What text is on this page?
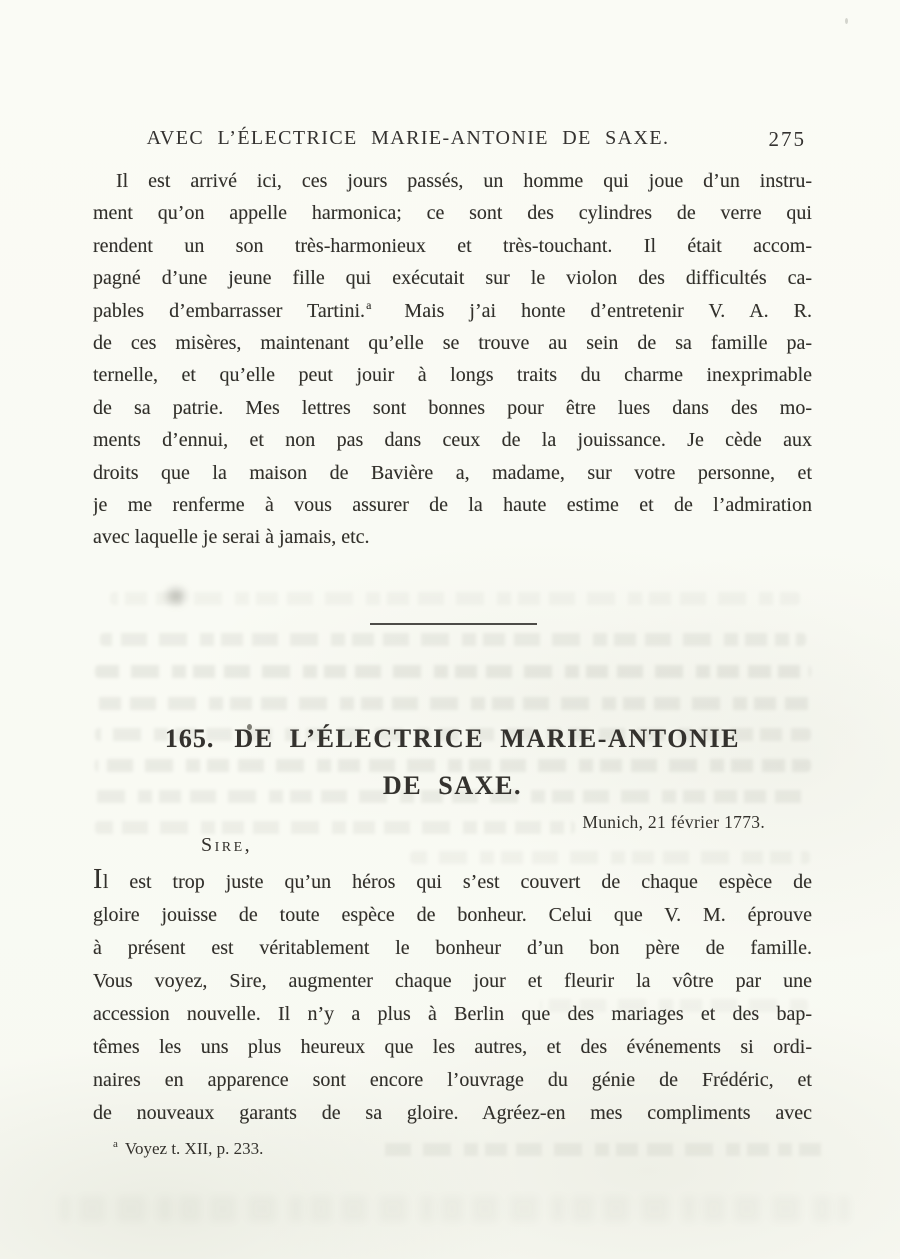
AVEC L’ÉLECTRICE MARIE-ANTONIE DE SAXE.	275
Il est arrivé ici, ces jours passés, un homme qui joue d’un instru-
ment qu’on appelle harmonica; ce sont des cylindres de verre qui
rendent un son très-harmonieux et très-touchant. Il était accom-
pagné d’une jeune fille qui exécutait sur le violon des difficultés ca-
pables d’embarrasser Tartini.$^a$ Mais j’ai honte d’entretenir V. A. R.
de ces misères, maintenant qu’elle se trouve au sein de sa famille pa-
ternelle, et qu’elle peut jouir à longs traits du charme inexprimable
de sa patrie. Mes lettres sont bonnes pour être lues dans des mo-
ments d’ennui, et non pas dans ceux de la jouissance. Je cède aux
droits que la maison de Bavière a, madame, sur votre personne, et
je me renferme à vous assurer de la haute estime et de l’admiration
avec laquelle je serai à jamais, etc.
165. DE L’ÉLECTRICE MARIE-ANTONIE
DE SAXE.
Munich, 21 février 1773.
Sire,
Il est trop juste qu’un héros qui s’est couvert de chaque espèce de
gloire jouisse de toute espèce de bonheur. Celui que V. M. éprouve
à présent est véritablement le bonheur d’un bon père de famille.
Vous voyez, Sire, augmenter chaque jour et fleurir la vôtre par une
accession nouvelle. Il n’y a plus à Berlin que des mariages et des bap-
têmes les uns plus heureux que les autres, et des événements si ordi-
naires en apparence sont encore l’ouvrage du génie de Frédéric, et
de nouveaux garants de sa gloire. Agréez-en mes compliments avec
$^a$ Voyez t. XII, p. 233.
